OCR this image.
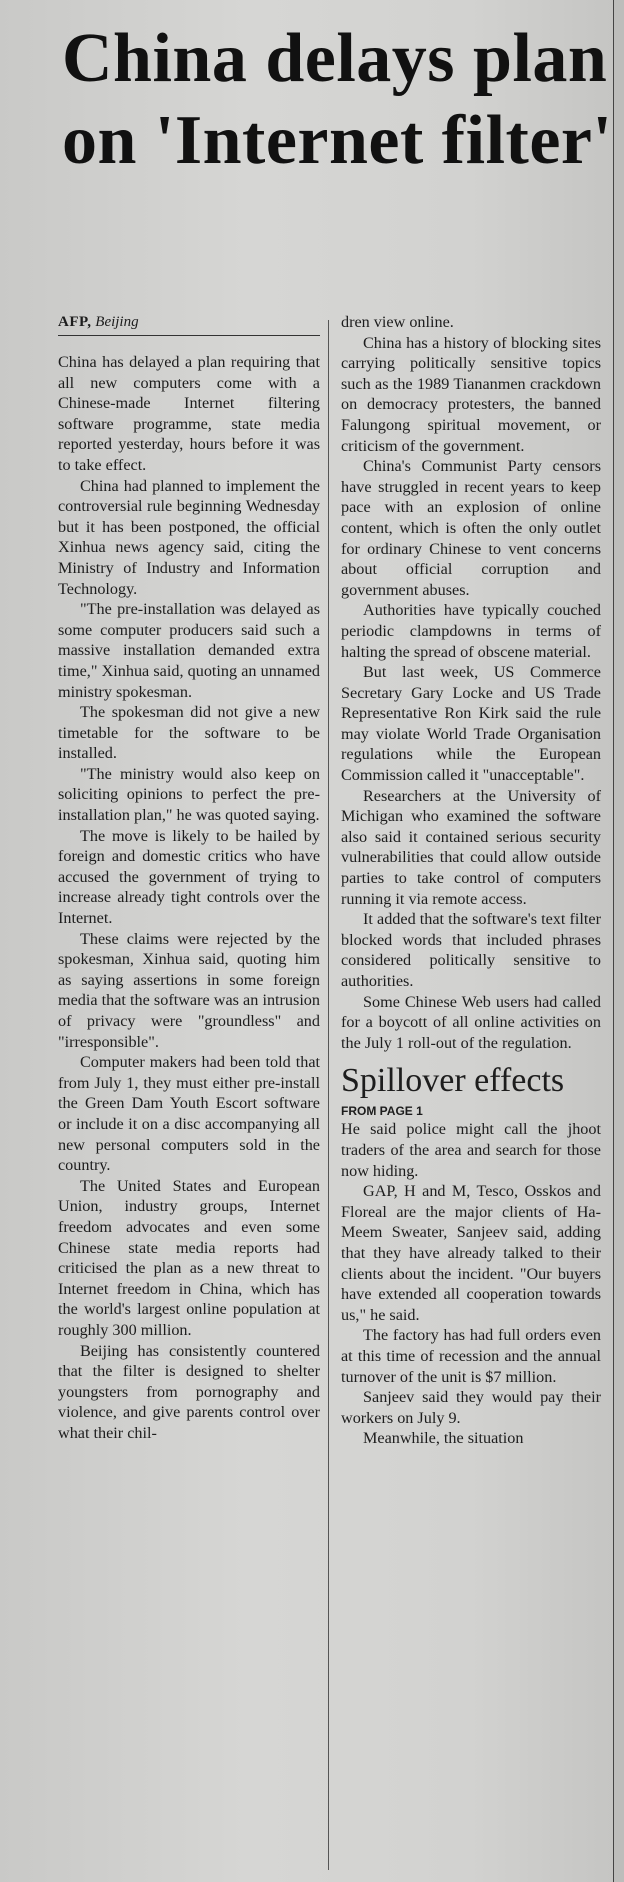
China delays plan on 'Internet filter'
AFP, Beijing

China has delayed a plan requiring that all new computers come with a Chinese-made Internet filtering software programme, state media reported yesterday, hours before it was to take effect.

China had planned to implement the controversial rule beginning Wednesday but it has been postponed, the official Xinhua news agency said, citing the Ministry of Industry and Information Technology.

"The pre-installation was delayed as some computer producers said such a massive installation demanded extra time," Xinhua said, quoting an unnamed ministry spokesman.

The spokesman did not give a new timetable for the software to be installed.

"The ministry would also keep on soliciting opinions to perfect the pre-installation plan," he was quoted saying.

The move is likely to be hailed by foreign and domestic critics who have accused the government of trying to increase already tight controls over the Internet.

These claims were rejected by the spokesman, Xinhua said, quoting him as saying assertions in some foreign media that the software was an intrusion of privacy were "groundless" and "irresponsible".

Computer makers had been told that from July 1, they must either pre-install the Green Dam Youth Escort software or include it on a disc accompanying all new personal computers sold in the country.

The United States and European Union, industry groups, Internet freedom advocates and even some Chinese state media reports had criticised the plan as a new threat to Internet freedom in China, which has the world's largest online population at roughly 300 million.

Beijing has consistently countered that the filter is designed to shelter youngsters from pornography and violence, and give parents control over what their chil-

dren view online.

China has a history of blocking sites carrying politically sensitive topics such as the 1989 Tiananmen crackdown on democracy protesters, the banned Falungong spiritual movement, or criticism of the government.

China's Communist Party censors have struggled in recent years to keep pace with an explosion of online content, which is often the only outlet for ordinary Chinese to vent concerns about official corruption and government abuses.

Authorities have typically couched periodic clampdowns in terms of halting the spread of obscene material.

But last week, US Commerce Secretary Gary Locke and US Trade Representative Ron Kirk said the rule may violate World Trade Organisation regulations while the European Commission called it "unacceptable".

Researchers at the University of Michigan who examined the software also said it contained serious security vulnerabilities that could allow outside parties to take control of computers running it via remote access.

It added that the software's text filter blocked words that included phrases considered politically sensitive to authorities.

Some Chinese Web users had called for a boycott of all online activities on the July 1 roll-out of the regulation.

Spillover effects

FROM PAGE 1

He said police might call the jhoot traders of the area and search for those now hiding.

GAP, H and M, Tesco, Osskos and Floreal are the major clients of Ha-Meem Sweater, Sanjeev said, adding that they have already talked to their clients about the incident. "Our buyers have extended all cooperation towards us," he said.

The factory has had full orders even at this time of recession and the annual turnover of the unit is $7 million.

Sanjeev said they would pay their workers on July 9.

Meanwhile, the situation
